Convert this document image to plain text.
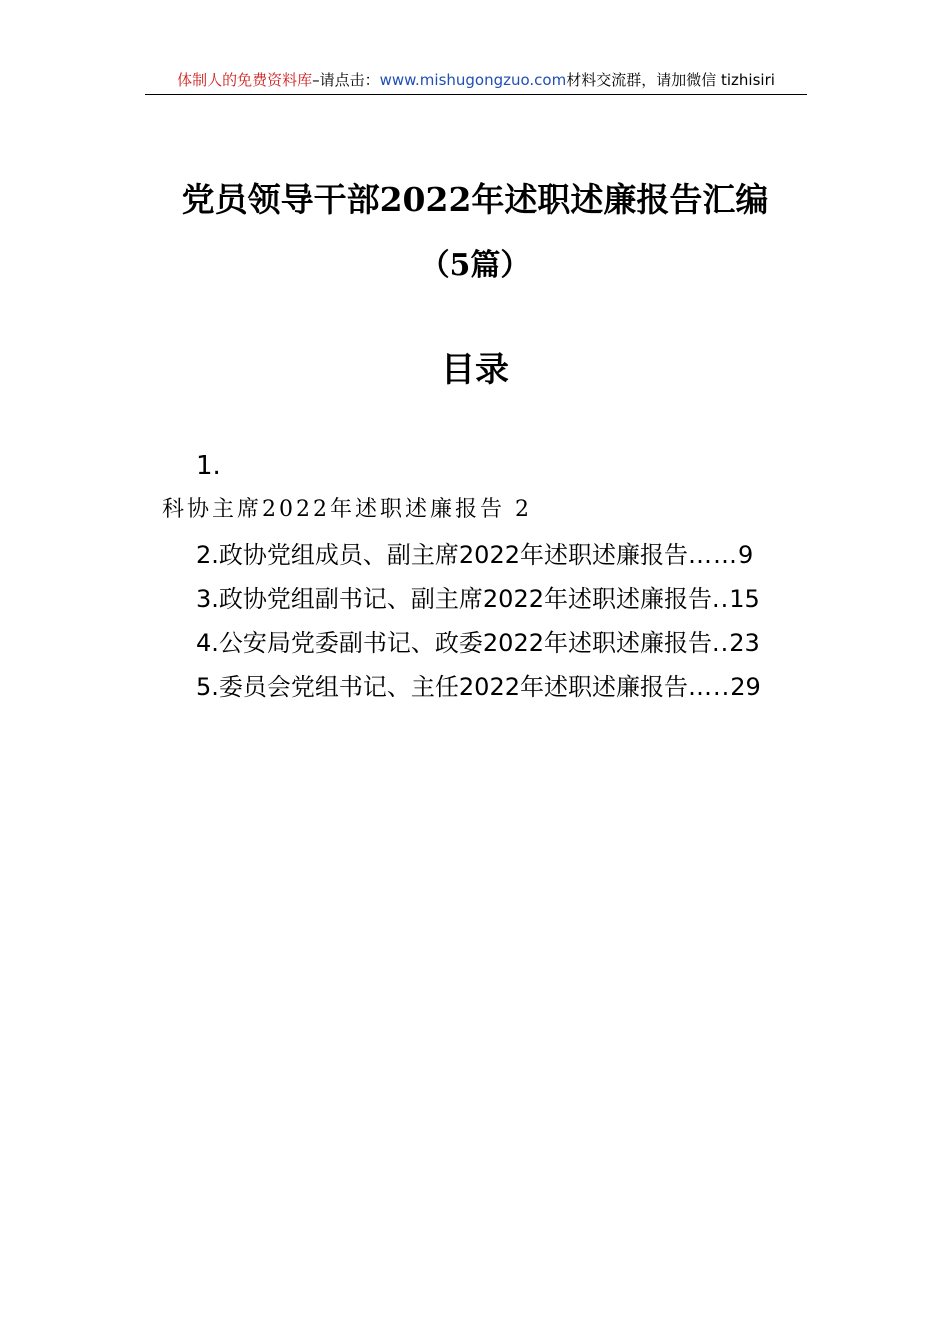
体制人的免费资料库–请点击：www.mishugongzuo.com材料交流群，请加微信 tizhisiri
党员领导干部2022年述职述廉报告汇编
（5篇）
目录
1.
科协主席2022年述职述廉报告 2
2. 政协党组成员、副主席2022年述职述廉报告 …… 9
3. 政协党组副书记、副主席2022年述职述廉报告 .. 15
4. 公安局党委副书记、政委2022年述职述廉报告 .. 23
5. 委员会党组书记、主任2022年述职述廉报告 ….. 29
